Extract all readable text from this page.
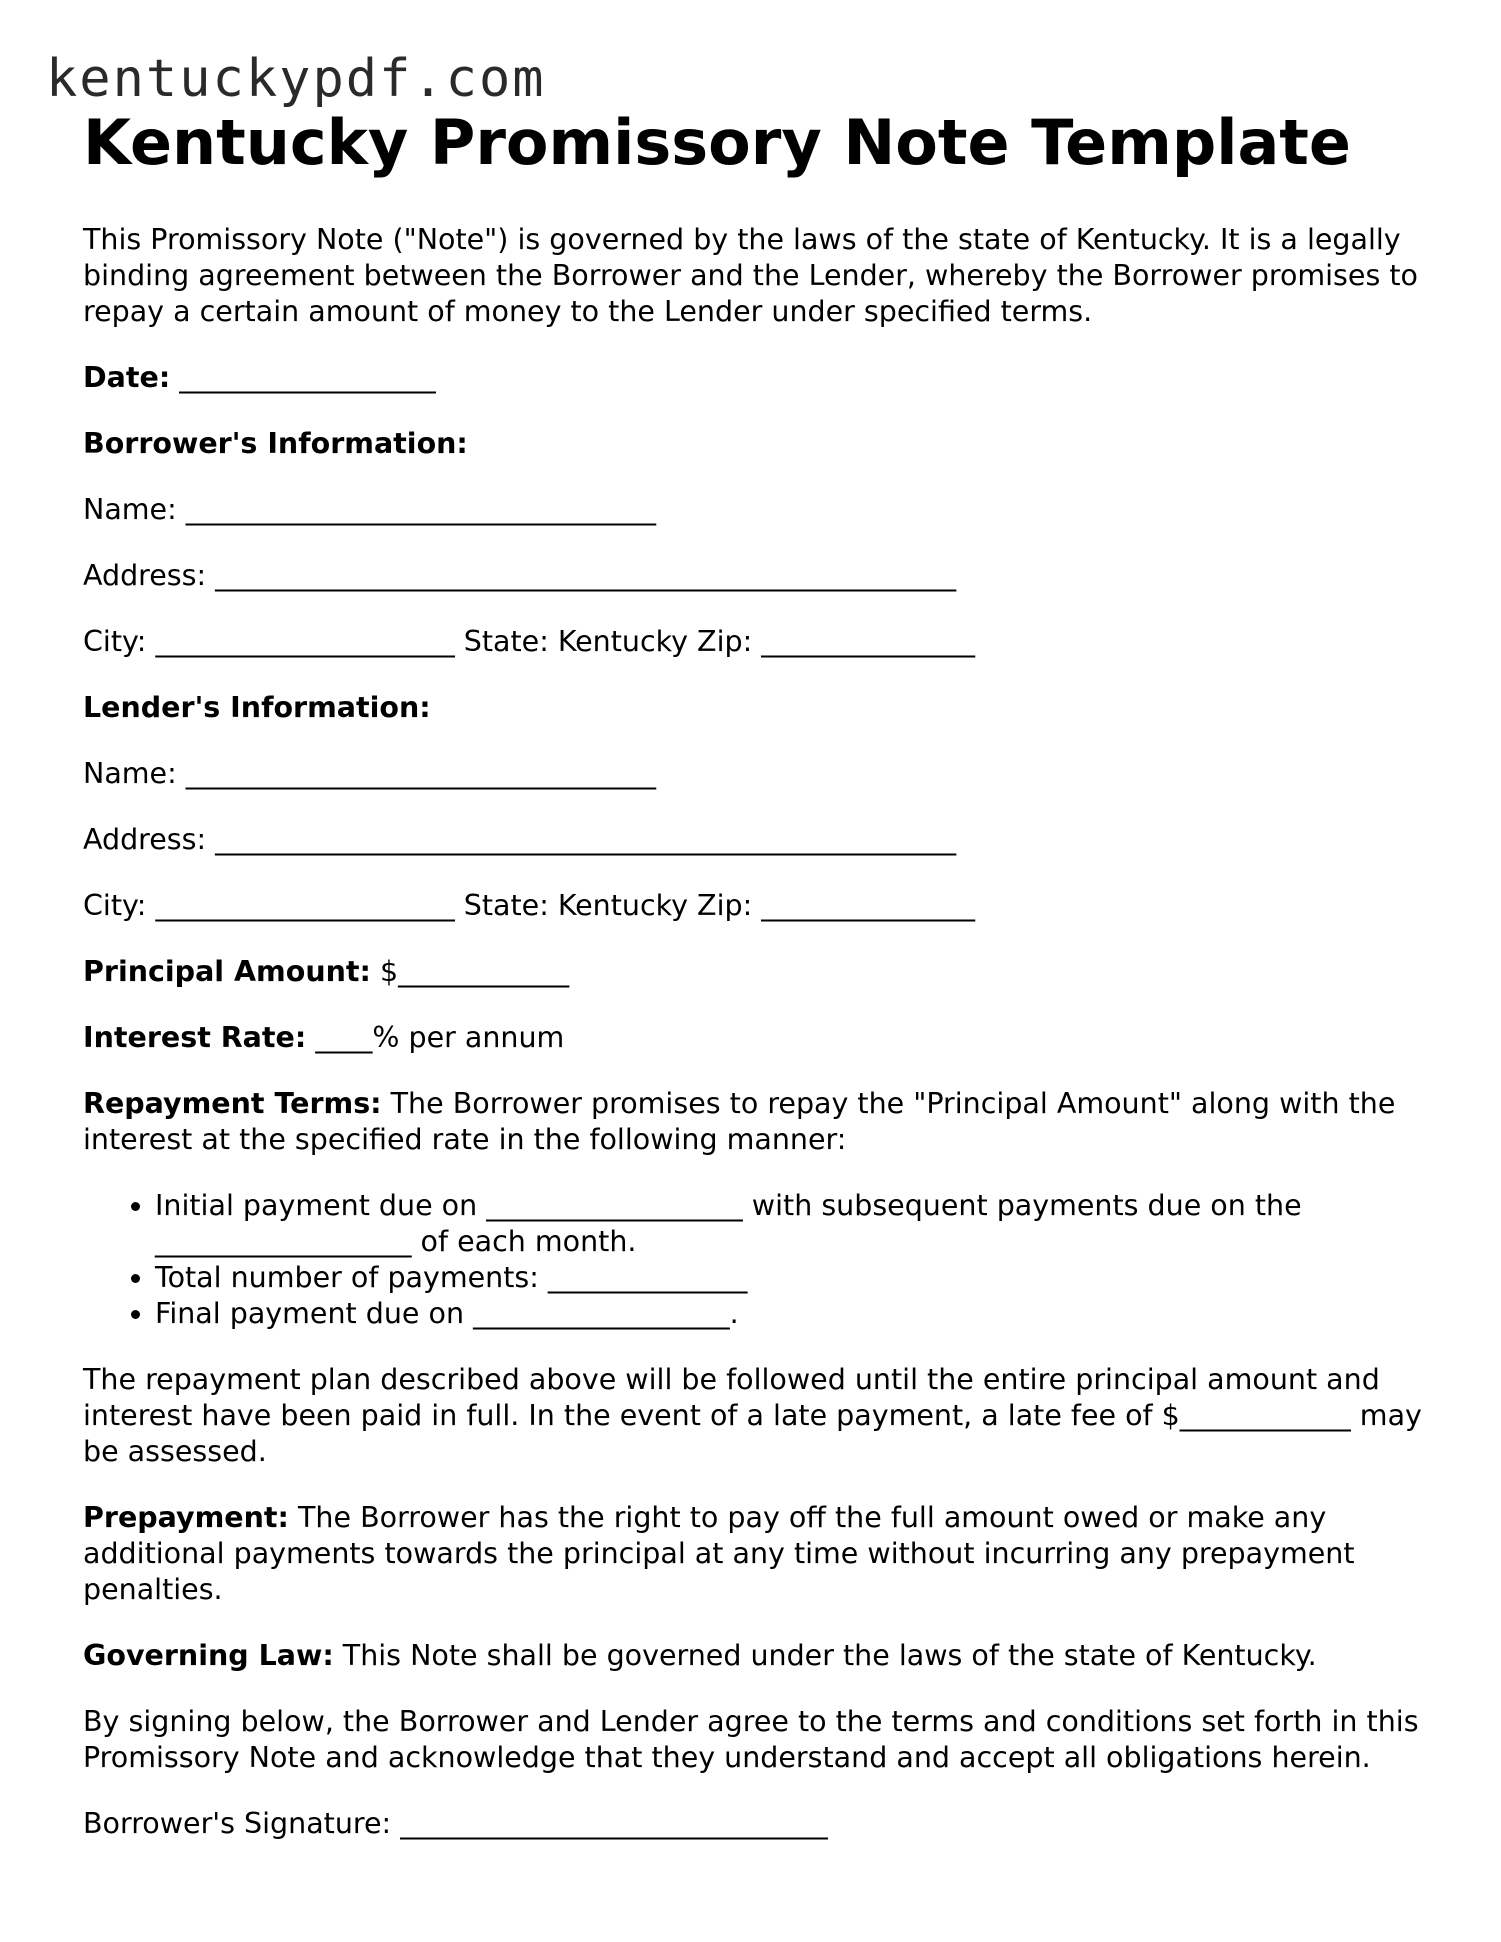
kentuckypdf.com
Kentucky Promissory Note Template

This Promissory Note ("Note") is governed by the laws of the state of Kentucky. It is a legally binding agreement between the Borrower and the Lender, whereby the Borrower promises to repay a certain amount of money to the Lender under specified terms.

Date: __________________

Borrower's Information:

Name: _________________________________

Address: ____________________________________________________

City: _____________________ State: Kentucky Zip: _______________

Lender's Information:

Name: _________________________________

Address: ____________________________________________________

City: _____________________ State: Kentucky Zip: _______________

Principal Amount: $____________

Interest Rate: ____% per annum

Repayment Terms: The Borrower promises to repay the "Principal Amount" along with the interest at the specified rate in the following manner:

• Initial payment due on __________________ with subsequent payments due on the __________________ of each month.
• Total number of payments: ______________
• Final payment due on __________________.

The repayment plan described above will be followed until the entire principal amount and interest have been paid in full. In the event of a late payment, a late fee of $____________ may be assessed.

Prepayment: The Borrower has the right to pay off the full amount owed or make any additional payments towards the principal at any time without incurring any prepayment penalties.

Governing Law: This Note shall be governed under the laws of the state of Kentucky.

By signing below, the Borrower and Lender agree to the terms and conditions set forth in this Promissory Note and acknowledge that they understand and accept all obligations herein.

Borrower's Signature: ______________________________
